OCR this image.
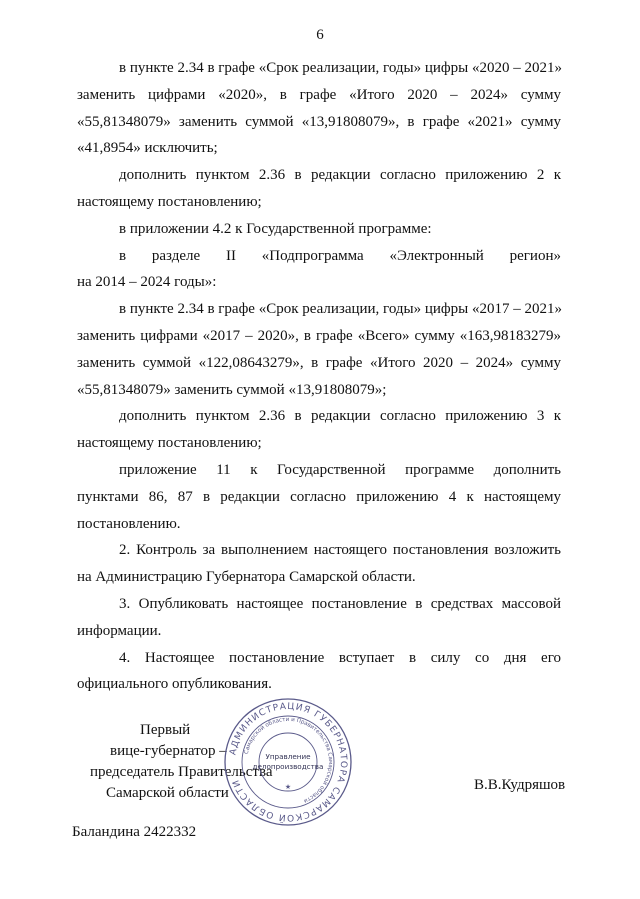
6
в пункте 2.34 в графе «Срок реализации, годы» цифры «2020 – 2021»
заменить цифрами «2020», в графе «Итого 2020 – 2024» сумму
«55,81348079» заменить суммой «13,91808079», в графе «2021» сумму
«41,8954» исключить;
дополнить пунктом 2.36 в редакции согласно приложению 2 к
настоящему постановлению;
в приложении 4.2 к Государственной программе:
в разделе II «Подпрограмма «Электронный регион»
на 2014 – 2024 годы»:
в пункте 2.34 в графе «Срок реализации, годы» цифры «2017 – 2021»
заменить цифрами «2017 – 2020», в графе «Всего» сумму «163,98183279»
заменить суммой «122,08643279», в графе «Итого 2020 – 2024» сумму
«55,81348079» заменить суммой «13,91808079»;
дополнить пунктом 2.36 в редакции согласно приложению 3 к
настоящему постановлению;
приложение 11 к Государственной программе дополнить
пунктами 86, 87 в редакции согласно приложению 4 к настоящему
постановлению.
2. Контроль за выполнением настоящего постановления возложить
на Администрацию Губернатора Самарской области.
3. Опубликовать настоящее постановление в средствах массовой
информации.
4. Настоящее постановление вступает в силу со дня его
официального опубликования.
Первый
вице-губернатор –
председатель Правительства
Самарской области
АДМИНИСТРАЦИЯ ГУБЕРНАТОРА САМАРСКОЙ ОБЛАСТИ
Самарской области и Правительства Самарской области
Управление
делопроизводства
★	В.В.Кудряшов
Баландина 2422332
